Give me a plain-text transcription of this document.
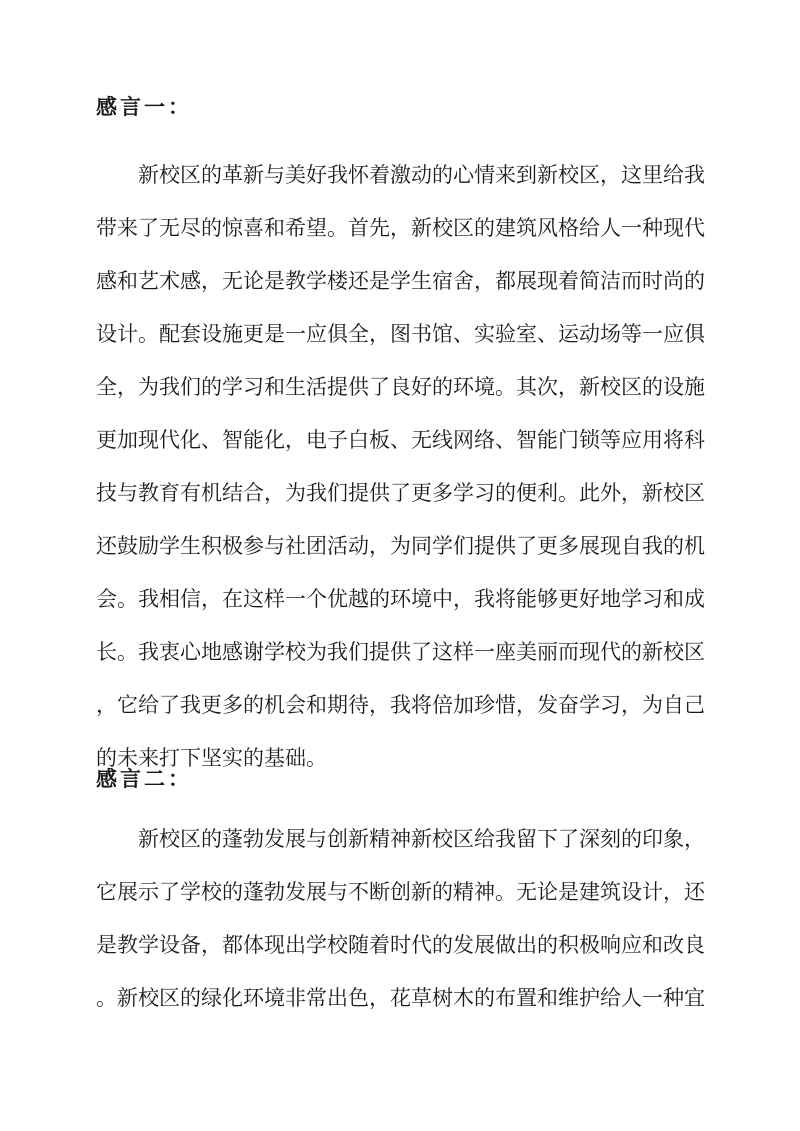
感言一：
新校区的革新与美好我怀着激动的心情来到新校区，这里给我
带来了无尽的惊喜和希望。首先，新校区的建筑风格给人一种现代
感和艺术感，无论是教学楼还是学生宿舍，都展现着简洁而时尚的
设计。配套设施更是一应俱全，图书馆、实验室、运动场等一应俱
全，为我们的学习和生活提供了良好的环境。其次，新校区的设施
更加现代化、智能化，电子白板、无线网络、智能门锁等应用将科
技与教育有机结合，为我们提供了更多学习的便利。此外，新校区
还鼓励学生积极参与社团活动，为同学们提供了更多展现自我的机
会。我相信，在这样一个优越的环境中，我将能够更好地学习和成
长。我衷心地感谢学校为我们提供了这样一座美丽而现代的新校区
，它给了我更多的机会和期待，我将倍加珍惜，发奋学习，为自己
的未来打下坚实的基础。
感言二：
新校区的蓬勃发展与创新精神新校区给我留下了深刻的印象，
它展示了学校的蓬勃发展与不断创新的精神。无论是建筑设计，还
是教学设备，都体现出学校随着时代的发展做出的积极响应和改良
。新校区的绿化环境非常出色，花草树木的布置和维护给人一种宜
